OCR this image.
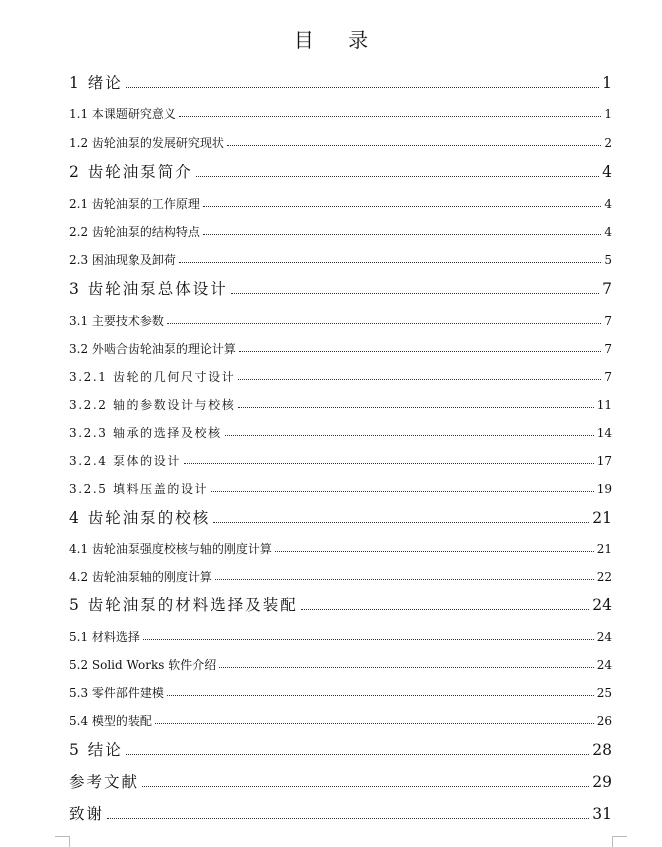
目 录
1 绪论	1
1.1 本课题研究意义	1
1.2 齿轮油泵的发展研究现状	2
2 齿轮油泵简介	4
2.1 齿轮油泵的工作原理	4
2.2 齿轮油泵的结构特点	4
2.3 困油现象及卸荷	5
3 齿轮油泵总体设计	7
3.1 主要技术参数	7
3.2 外啮合齿轮油泵的理论计算	7
3.2.1 齿轮的几何尺寸设计	7
3.2.2 轴的参数设计与校核	11
3.2.3 轴承的选择及校核	14
3.2.4 泵体的设计	17
3.2.5 填料压盖的设计	19
4 齿轮油泵的校核	21
4.1 齿轮油泵强度校核与轴的刚度计算	21
4.2 齿轮油泵轴的刚度计算	22
5 齿轮油泵的材料选择及装配	24
5.1 材料选择	24
5.2 Solid Works 软件介绍	24
5.3 零件部件建模	25
5.4 模型的装配	26
5 结论	28
参考文献	29
致谢	31
